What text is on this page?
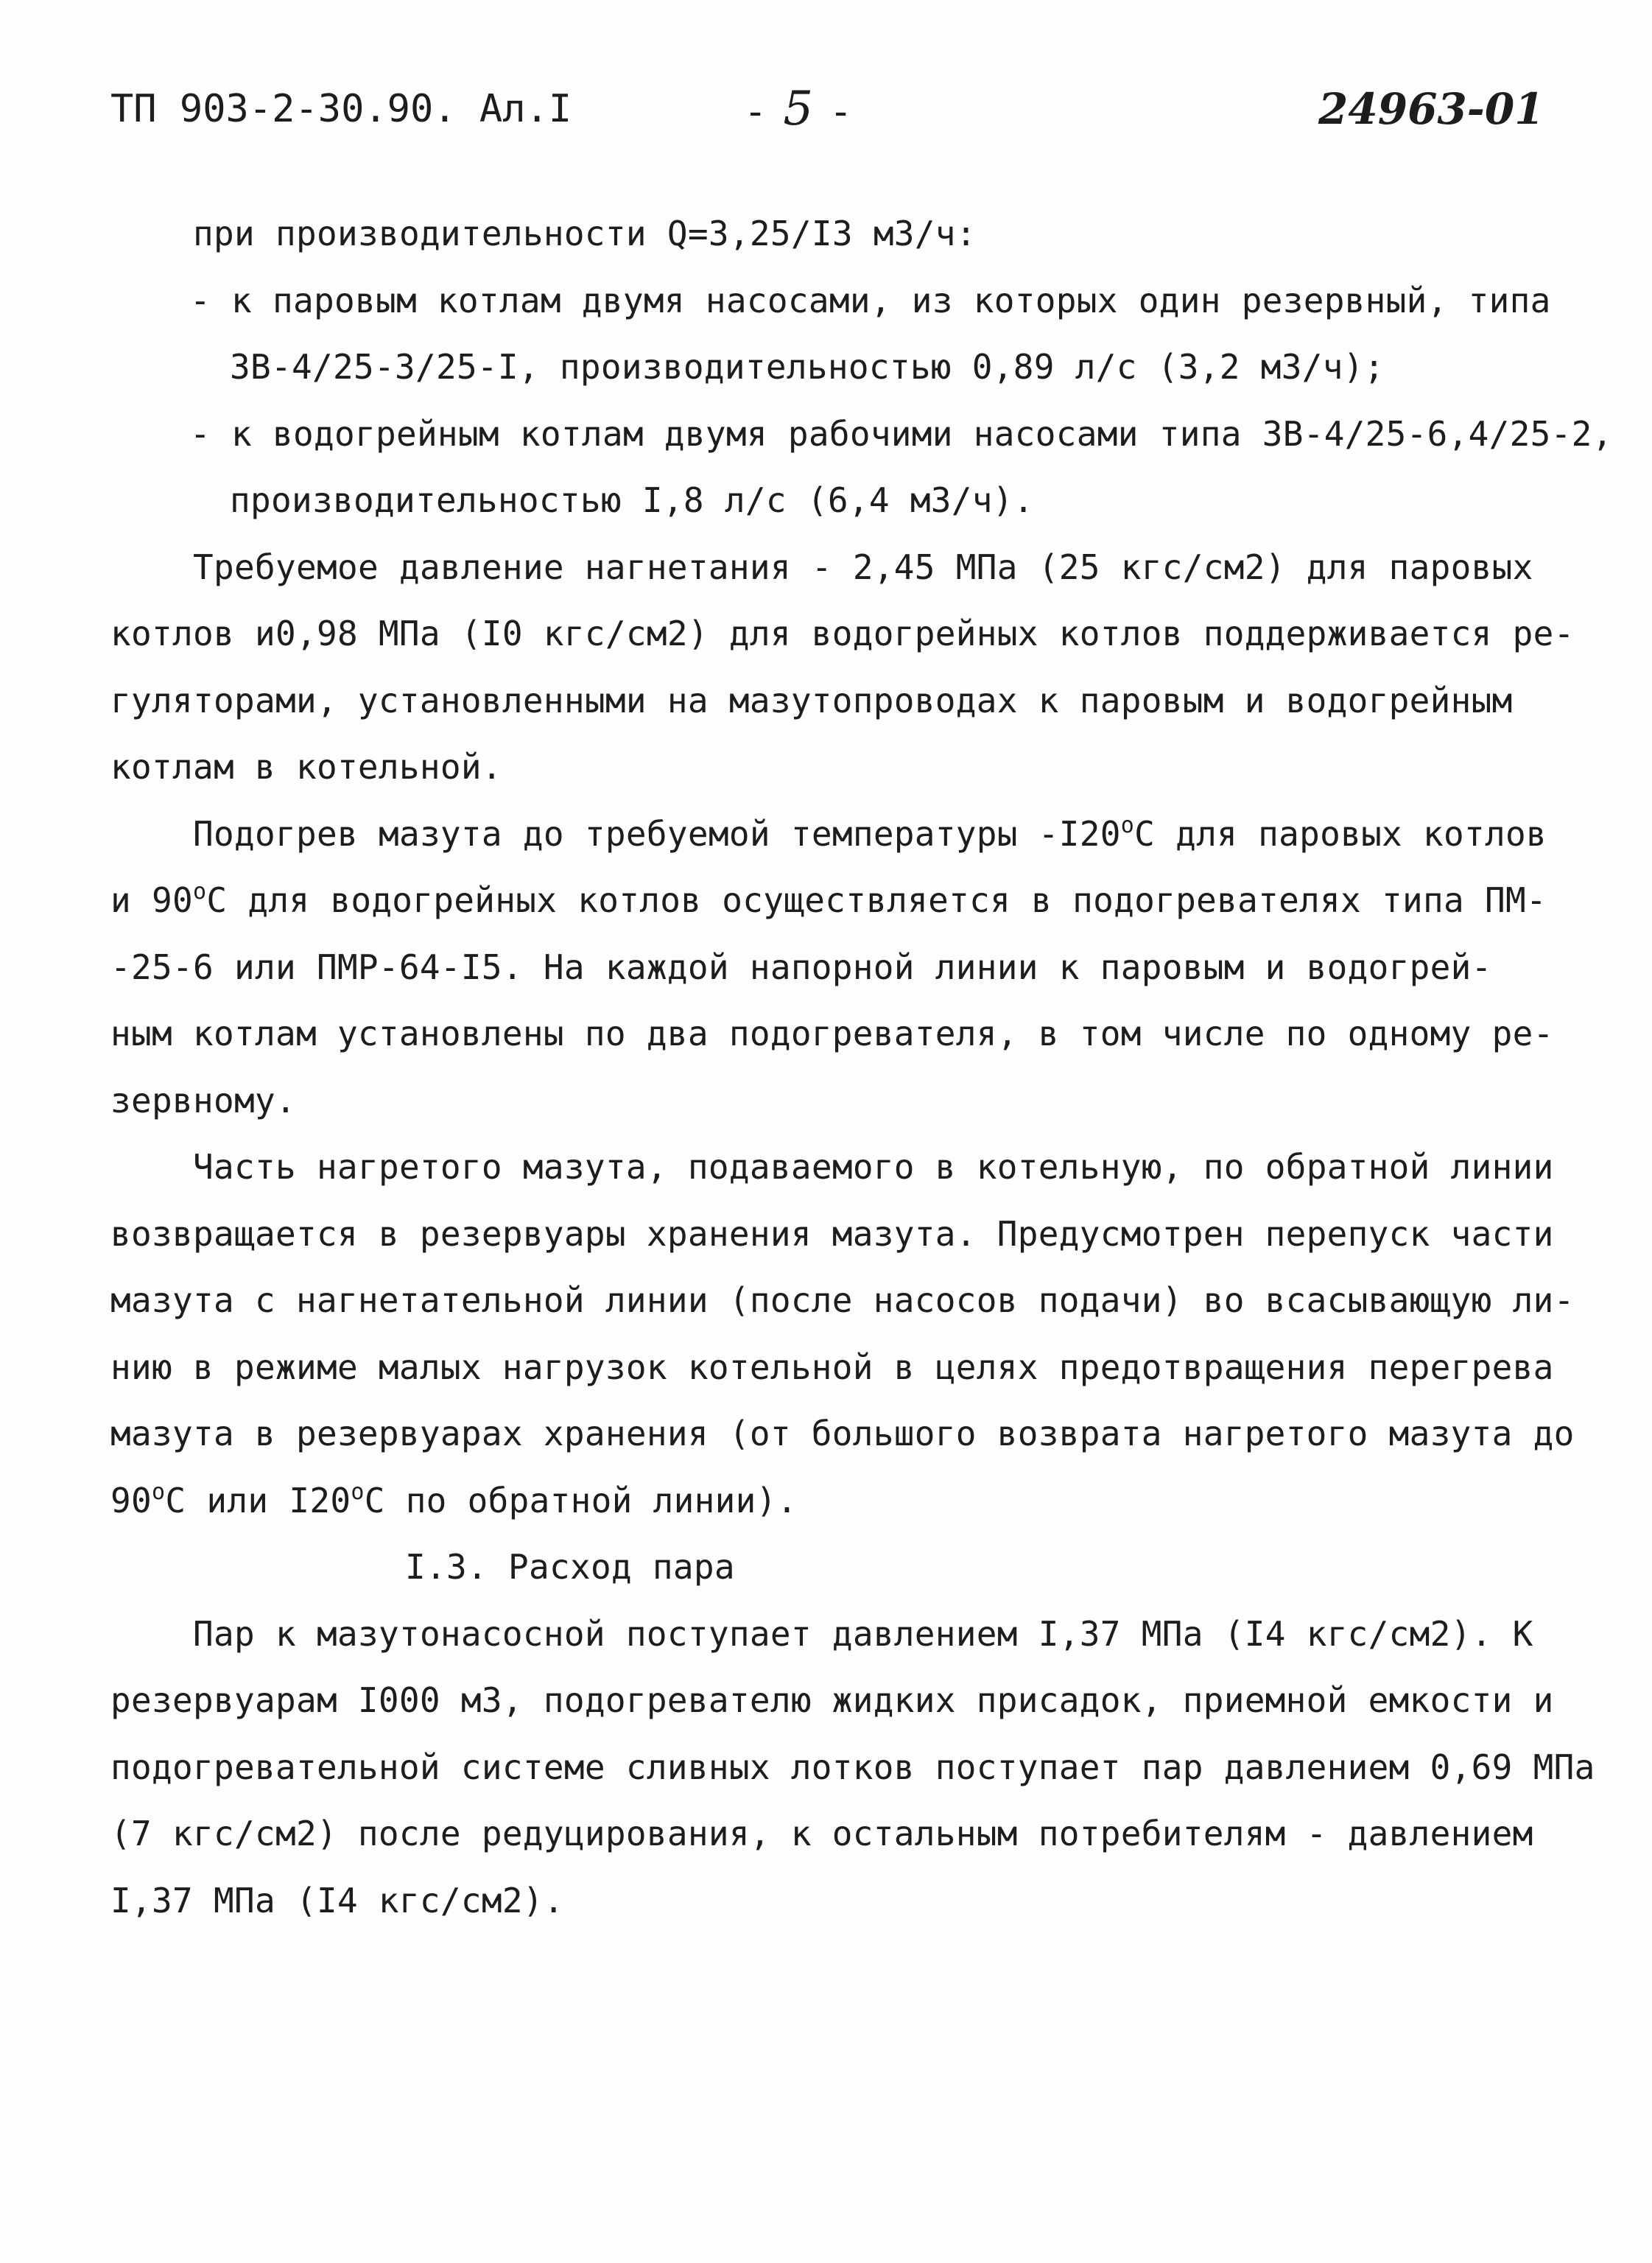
ТП 903-2-30.90. Ал.I	- 5 -	24963-01
при производительности Q=3,25/I3 м3/ч:
- к паровым котлам двумя насосами, из которых один резервный, типа
3В-4/25-3/25-I, производительностью 0,89 л/с (3,2 м3/ч);
- к водогрейным котлам двумя рабочими насосами типа 3В-4/25-6,4/25-2,
производительностью I,8 л/с (6,4 м3/ч).
Требуемое давление нагнетания - 2,45 МПа (25 кгс/см2) для паровых
котлов и0,98 МПа (I0 кгс/см2) для водогрейных котлов поддерживается ре-
гуляторами, установленными на мазутопроводах к паровым и водогрейным
котлам в котельной.
Подогрев мазута до требуемой температуры $-I20^оС$ для паровых котлов
и $90^оС$ для водогрейных котлов осуществляется в подогревателях типа ПМ-
-25-6 или ПМР-64-I5. На каждой напорной линии к паровым и водогрей-
ным котлам установлены по два подогревателя, в том числе по одному ре-
зервному.
Часть нагретого мазута, подаваемого в котельную, по обратной линии
возвращается в резервуары хранения мазута. Предусмотрен перепуск части
мазута с нагнетательной линии (после насосов подачи) во всасывающую ли-
нию в режиме малых нагрузок котельной в целях предотвращения перегрева
мазута в резервуарах хранения (от большого возврата нагретого мазута до
$90^оС$ или $I20^оС$ по обратной линии).
I.3. Расход пара
Пар к мазутонасосной поступает давлением I,37 МПа (I4 кгс/см2). К
резервуарам I000 м3, подогревателю жидких присадок, приемной емкости и
подогревательной системе сливных лотков поступает пар давлением 0,69 МПа
(7 кгс/см2) после редуцирования, к остальным потребителям - давлением
I,37 МПа (I4 кгс/см2).
